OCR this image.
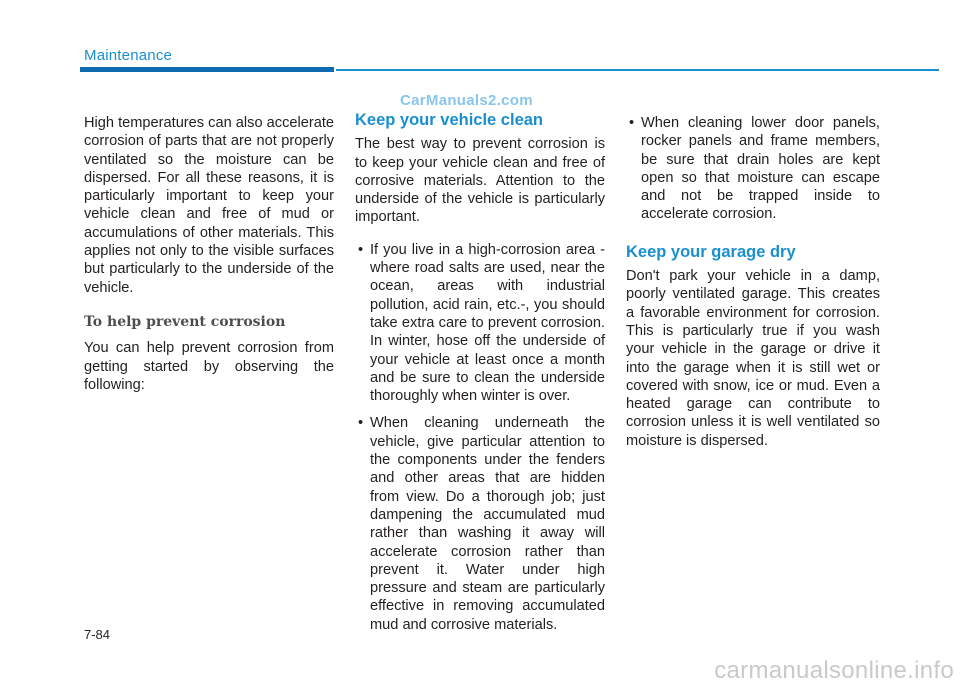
Maintenance
CarManuals2.com

High temperatures can also accelerate corrosion of parts that are not properly ventilated so the moisture can be dispersed. For all these reasons, it is particularly important to keep your vehicle clean and free of mud or accumulations of other materials. This applies not only to the visible surfaces but particularly to the underside of the vehicle.

To help prevent corrosion

You can help prevent corrosion from getting started by observing the following:

Keep your vehicle clean

The best way to prevent corrosion is to keep your vehicle clean and free of corrosive materials. Attention to the underside of the vehicle is particularly important.

• If you live in a high-corrosion area - where road salts are used, near the ocean, areas with industrial pollution, acid rain, etc.-, you should take extra care to prevent corrosion. In winter, hose off the underside of your vehicle at least once a month and be sure to clean the underside thoroughly when winter is over.
• When cleaning underneath the vehicle, give particular attention to the components under the fenders and other areas that are hidden from view. Do a thorough job; just dampening the accumulated mud rather than washing it away will accelerate corrosion rather than prevent it. Water under high pressure and steam are particularly effective in removing accumulated mud and corrosive materials.
• When cleaning lower door panels, rocker panels and frame members, be sure that drain holes are kept open so that moisture can escape and not be trapped inside to accelerate corrosion.
Keep your garage dry

Don't park your vehicle in a damp, poorly ventilated garage. This creates a favorable environment for corrosion. This is particularly true if you wash your vehicle in the garage or drive it into the garage when it is still wet or covered with snow, ice or mud. Even a heated garage can contribute to corrosion unless it is well ventilated so moisture is dispersed.

7-84
carmanualsonline.info
